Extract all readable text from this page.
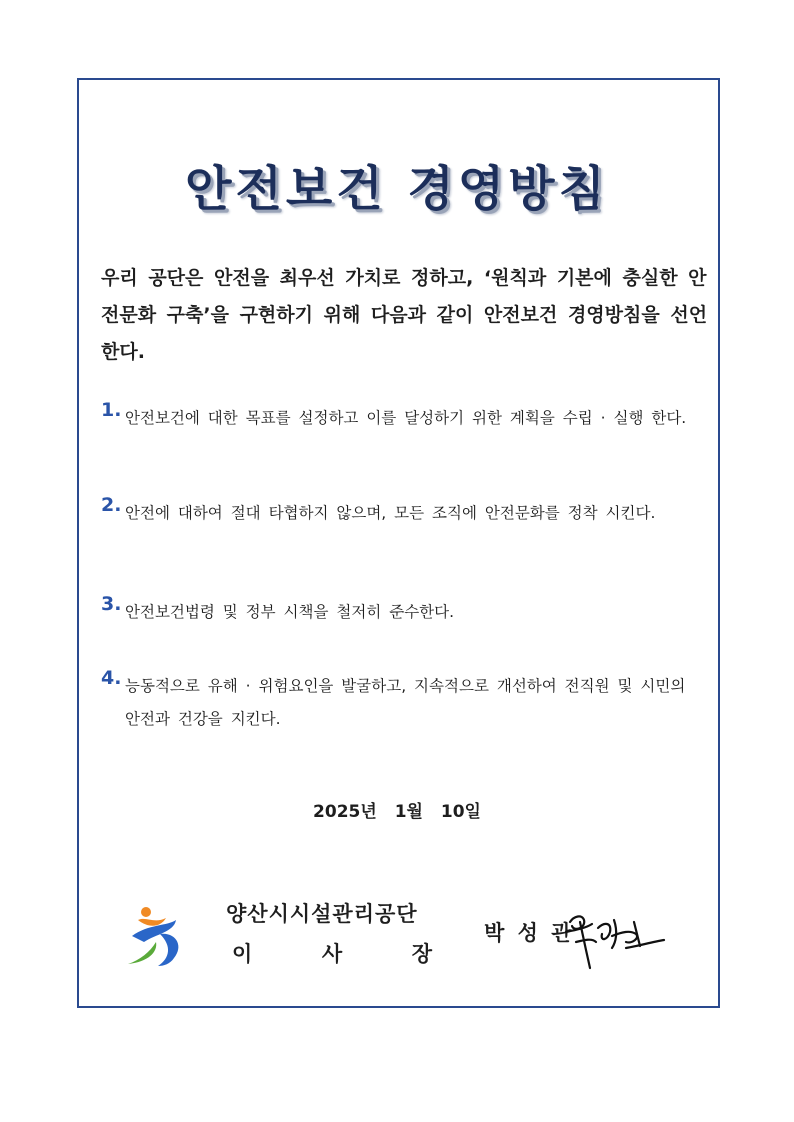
안전보건 경영방침

우리 공단은 안전을 최우선 가치로 정하고, ‘원칙과 기본에 충실한 안전문화 구축’을 구현하기 위해 다음과 같이 안전보건 경영방침을 선언한다.

1. 안전보건에 대한 목표를 설정하고 이를 달성하기 위한 계획을 수립 · 실행 한다.
2. 안전에 대하여 절대 타협하지 않으며, 모든 조직에 안전문화를 정착 시킨다.
3. 안전보건법령 및 정부 시책을 철저히 준수한다.
4. 능동적으로 유해 · 위험요인을 발굴하고, 지속적으로 개선하여 전직원 및 시민의 안전과 건강을 지킨다.
2025년 1월 10일
양산시시설관리공단
이	사	장
박 성 관
